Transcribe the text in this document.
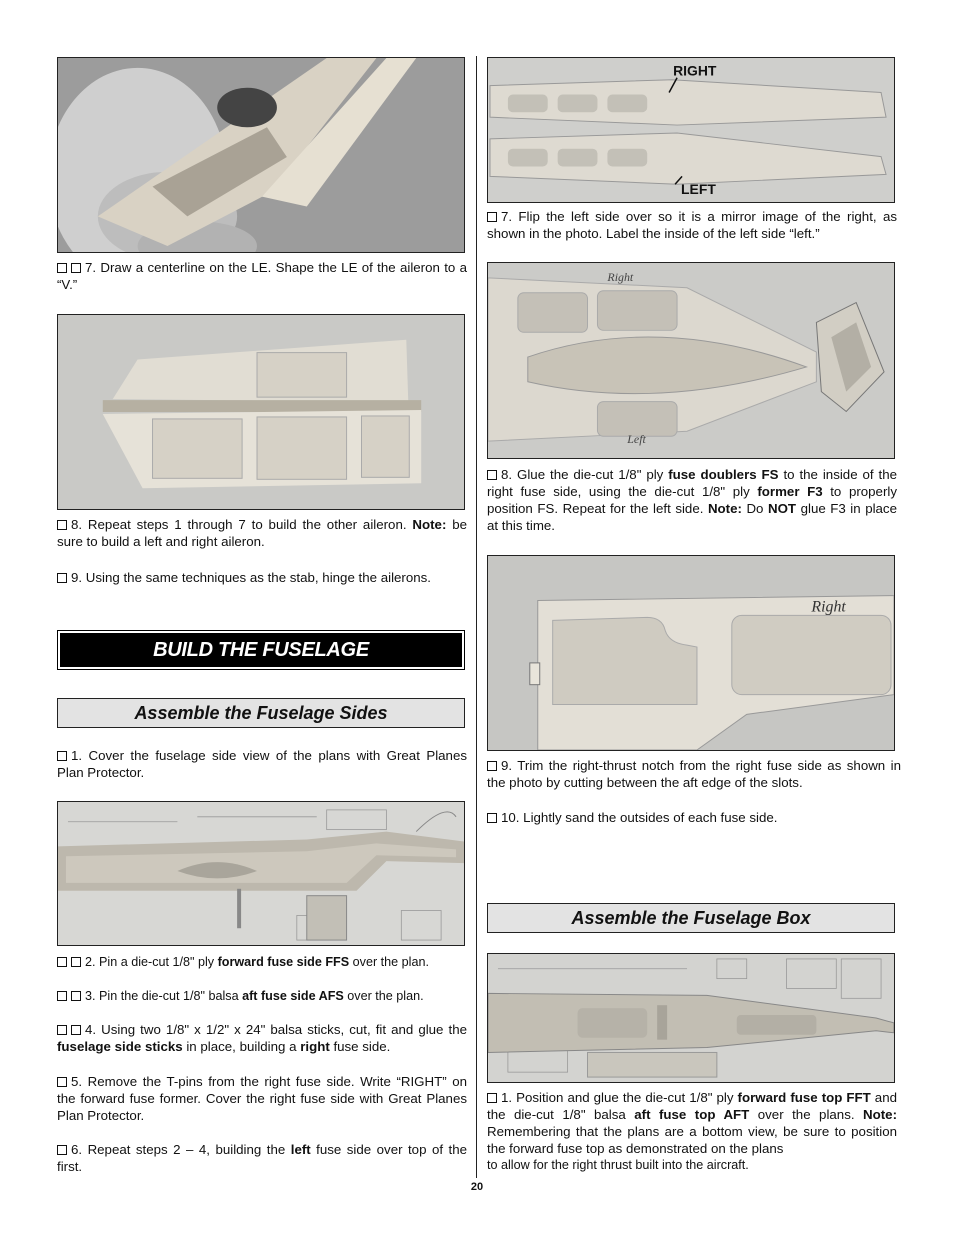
7. Draw a centerline on the LE. Shape the LE of the aileron to a “V.”
8. Repeat steps 1 through 7 to build the other aileron. Note: be sure to build a left and right aileron.
9. Using the same techniques as the stab, hinge the ailerons.
BUILD THE FUSELAGE
Assemble the Fuselage Sides
1. Cover the fuselage side view of the plans with Great Planes Plan Protector.
2. Pin a die-cut 1/8" ply forward fuse side FFS over the plan.
3. Pin the die-cut 1/8" balsa aft fuse side AFS over the plan.
4. Using two 1/8" x 1/2" x 24" balsa sticks, cut, fit and glue the fuselage side sticks in place, building a right fuse side.
5. Remove the T-pins from the right fuse side. Write “RIGHT” on the forward fuse former. Cover the right fuse side with Great Planes Plan Protector.
6. Repeat steps 2 – 4, building the left fuse side over top of the first.
RIGHT
LEFT
7. Flip the left side over so it is a mirror image of the right, as shown in the photo. Label the inside of the left side “left.”
Right
Left
8. Glue the die-cut 1/8" ply fuse doublers FS to the inside of the right fuse side, using the die-cut 1/8" ply former F3 to properly position FS. Repeat for the left side. Note: Do NOT glue F3 in place at this time.
Right
9. Trim the right-thrust notch from the right fuse side as shown in the photo by cutting between the aft edge of the slots.
10. Lightly sand the outsides of each fuse side.
Assemble the Fuselage Box
1. Position and glue the die-cut 1/8" ply forward fuse top FFT and the die-cut 1/8" balsa aft fuse top AFT over the plans. Note: Remembering that the plans are a bottom view, be sure to position the forward fuse top as demonstrated on the plans
to allow for the right thrust built into the aircraft.
20
